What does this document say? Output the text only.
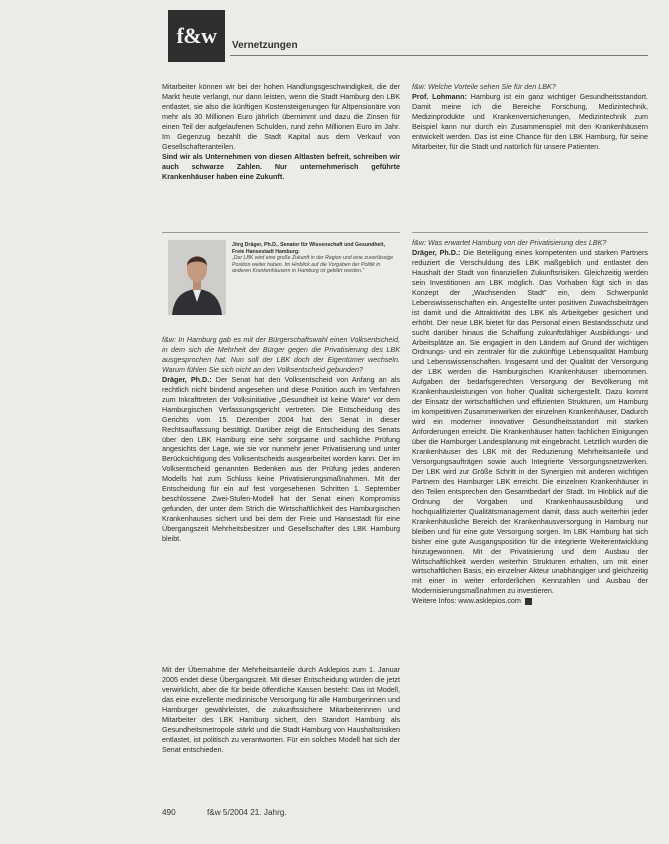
f&w	Vernetzungen

Mitarbeiter können wir bei der hohen Handlungsgeschwindigkeit, die der Markt heute verlangt, nur dann leisten, wenn die Stadt Hamburg den LBK entlastet, sie also die künftigen Kostensteigerungen für Altpensionäre von mehr als 30 Millionen Euro jährlich übernimmt und dazu die Zinsen für einen Teil der aufgelaufenen Schulden, rund zehn Millionen Euro im Jahr. Im Gegenzug bezahlt die Stadt Kapital aus dem Verkauf von Gesellschafteranteilen.

Sind wir als Unternehmen von diesen Altlasten befreit, schreiben wir auch schwarze Zahlen. Nur unternehmerisch geführte Krankenhäuser haben eine Zukunft.

Jörg Dräger, Ph.D., Senator für Wissenschaft und Gesundheit, Freie Hansestadt Hamburg:
„Der LBK wird eine große Zukunft in der Region und eine zuverlässige Position weiter haben. Im Hinblick auf die Vorgaben der Politik in anderen Krankenhäusern in Hamburg ist geklärt worden."

f&w: In Hamburg gab es mit der Bürgerschaftswahl einen Volksentscheid, in dem sich die Mehrheit der Bürger gegen die Privatisierung des LBK ausgesprochen hat. Nun soll der LBK doch der Eigentümer wechseln. Warum fühlen Sie sich nicht an den Volksentscheid gebunden?

Dräger, Ph.D.: Der Senat hat den Volksentscheid von Anfang an als rechtlich nicht bindend angesehen und diese Position auch im Verfahren zum Inkrafttreten der Volksinitiative „Gesundheit ist keine Ware" vor dem Hamburgischen Verfassungsgericht vertreten. Die Entscheidung des Gerichts vom 15. Dezember 2004 hat den Senat in dieser Rechtsauffassung bestätigt. Darüber zeigt die Entscheidung des Senats über den LBK Hamburg eine sehr sorgsame und sachliche Prüfung angesichts der Lage, wie sie vor nunmehr jener Privatisierung und unter Berücksichtigung des Volksentscheids ausgearbeitet worden kann. Der im Volksentscheid genannten Bedenken aus der Prüfung jedes anderen Modells hat zum Schluss keine Privatisierungsmaßnahmen. Mit der Entscheidung für ein auf fest vorgesehenen Schritten 1. September beschlossene Zwei-Stufen-Modell hat der Senat einen Kompromiss gefunden, der unter dem Strich die Wirtschaftlichkeit des Hamburgischen Krankenhauses sichert und bei dem der Freie und Hansestadt für eine Übergangszeit Mehrheitsbesitzer und Gesellschafter des LBK Hamburg bleibt.

Mit der Übernahme der Mehrheitsanteile durch Asklepios zum 1. Januar 2005 endet diese Übergangszeit. Mit dieser Entscheidung würden die jetzt verwirklicht, aber die für beide öffentliche Kassen besteht: Das ist Modell, das eine exzellente medizinische Versorgung für alle Hamburgerinnen und Hamburger gewährleistet, die zukunftssichere Mitarbeiterinnen und Mitarbeiter des LBK Hamburg sichert, den Standort Hamburg als Gesundheitsmetropole stärkt und die Stadt Hamburg von Haushaltsrisiken entlastet, ist politisch zu verantworten. Für ein solches Modell hat sich der Senat entschieden.

f&w: Welche Vorteile sehen Sie für den LBK?

Prof. Lohmann: Hamburg ist ein ganz wichtiger Gesundheitsstandort. Damit meine ich die Bereiche Forschung, Medizintechnik, Medizinprodukte und Krankenversicherungen, Medizintechnik zum Beispiel kann nur durch ein Zusammenspiel mit den Krankenhäusern entwickelt werden. Das ist eine Chance für den LBK Hamburg, für seine Mitarbeiter, für die Stadt und natürlich für unsere Patienten.

f&w: Was erwartet Hamburg von der Privatisierung des LBK?

Dräger, Ph.D.: Die Beteiligung eines kompetenten und starken Partners reduziert die Verschuldung des LBK maßgeblich und entlastet den Haushalt der Stadt von finanziellen Zukunftsrisiken. Gleichzeitig werden sein Investitionen am LBK möglich. Das Vorhaben fügt sich in das Konzept der „Wachsenden Stadt" ein, dem Schwerpunkt Lebenswissenschaften ein. Angestellte unter positiven Zuwachsbeiträgen ist damit und die Attraktivität des LBK als Arbeitgeber gesichert und erhöht. Der neue LBK bietet für das Personal einen Bestandsschutz und sucht darüber hinaus die Schaffung zukunftsfähiger Ausbildungs- und Arbeitsplätze an. Sie engagiert in den Ländern auf Grund der wichtigen Ordnungs- und ein zentraler für die zukünftige Lebensqualität Hamburg und Lebenswissenschaften. Insgesamt und der Qualität der Versorgung der LBK werden die Hamburgischen Krankenhäuser übernommen. Aufgaben der bedarfsgerechten Versorgung der Bevölkerung mit Krankenhausleistungen von hoher Qualität sichergestellt. Dazu kommt der Einsatz der wirtschaftlichen und effizienten Strukturen, um Hamburg im kompetitiven Zusammenwirken der einzelnen Krankenhäuser, Dadurch wird ein moderner innovativer Gesundheitsstandort mit starken Anforderungen erreicht. Die Krankenhäuser hatten fachlichen Einigungen über die Hamburger Landesplanung mit eingebracht. Letztlich wurden die Krankenhäuser des LBK mit der Reduzierung Mehrheitsanteile und Versorgungsaufträgen sowie auch Integrierte Versorgungsnetzwerken. Der LBK wird zur Größe Schritt in der Synergien mit anderen wichtigen Partnern des Hamburger LBK erreicht. Die einzelnen Krankenhäuser in den Teilen entsprechen den Gesamtbedarf der Stadt. Im Hinblick auf die Ordnung der Vorgaben und Krankenhausausbildung und hochqualifizierter Qualitätsmanagement damit, dass auch weiterhin jeder Krankenhäusliche Bereich der Krankenhausversorgung in Hamburg nur bleiben und für eine gute Versorgung sorgen. Im LBK Hamburg hat sich bisher eine gute Ausgangsposition für die integrierte Weiterentwicklung hinzugewonnen. Mit der Privatisierung und dem Ausbau der Wirtschaftlichkeit werden weiterhin Strukturen erhalten, um mit einer wirtschaftlichen Basis, ein einzelner Akteur unabhängiger und gleichzeitig mit einer in weiter erforderlichen Kennzahlen und Ausbau der Modernisierungsmaßnahmen zu investieren.

Weitere Infos: www.asklepios.com

490	f&w 5/2004 21. Jahrg.
